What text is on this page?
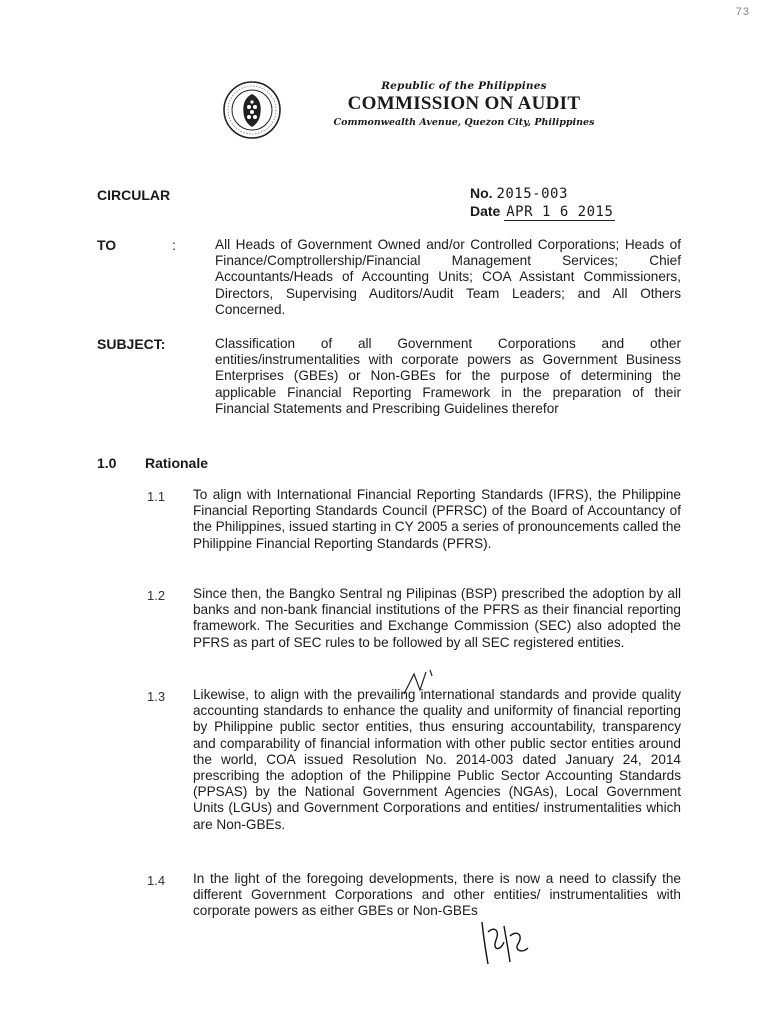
73
Republic of the Philippines
COMMISSION ON AUDIT
Commonwealth Avenue, Quezon City, Philippines
CIRCULAR	No. 2015-003
Date APR 1 6 2015
TO	:	All Heads of Government Owned and/or Controlled Corporations; Heads of Finance/Comptrollership/Financial Management Services; Chief Accountants/Heads of Accounting Units; COA Assistant Commissioners, Directors, Supervising Auditors/Audit Team Leaders; and All Others Concerned.
SUBJECT:	Classification of all Government Corporations and other entities/instrumentalities with corporate powers as Government Business Enterprises (GBEs) or Non-GBEs for the purpose of determining the applicable Financial Reporting Framework in the preparation of their Financial Statements and Prescribing Guidelines therefor
1.0 Rationale
1.1 To align with International Financial Reporting Standards (IFRS), the Philippine Financial Reporting Standards Council (PFRSC) of the Board of Accountancy of the Philippines, issued starting in CY 2005 a series of pronouncements called the Philippine Financial Reporting Standards (PFRS).
1.2 Since then, the Bangko Sentral ng Pilipinas (BSP) prescribed the adoption by all banks and non-bank financial institutions of the PFRS as their financial reporting framework. The Securities and Exchange Commission (SEC) also adopted the PFRS as part of SEC rules to be followed by all SEC registered entities.
1.3 Likewise, to align with the prevailing international standards and provide quality accounting standards to enhance the quality and uniformity of financial reporting by Philippine public sector entities, thus ensuring accountability, transparency and comparability of financial information with other public sector entities around the world, COA issued Resolution No. 2014-003 dated January 24, 2014 prescribing the adoption of the Philippine Public Sector Accounting Standards (PPSAS) by the National Government Agencies (NGAs), Local Government Units (LGUs) and Government Corporations and entities/ instrumentalities which are Non-GBEs.
1.4 In the light of the foregoing developments, there is now a need to classify the different Government Corporations and other entities/ instrumentalities with corporate powers as either GBEs or Non-GBEs
